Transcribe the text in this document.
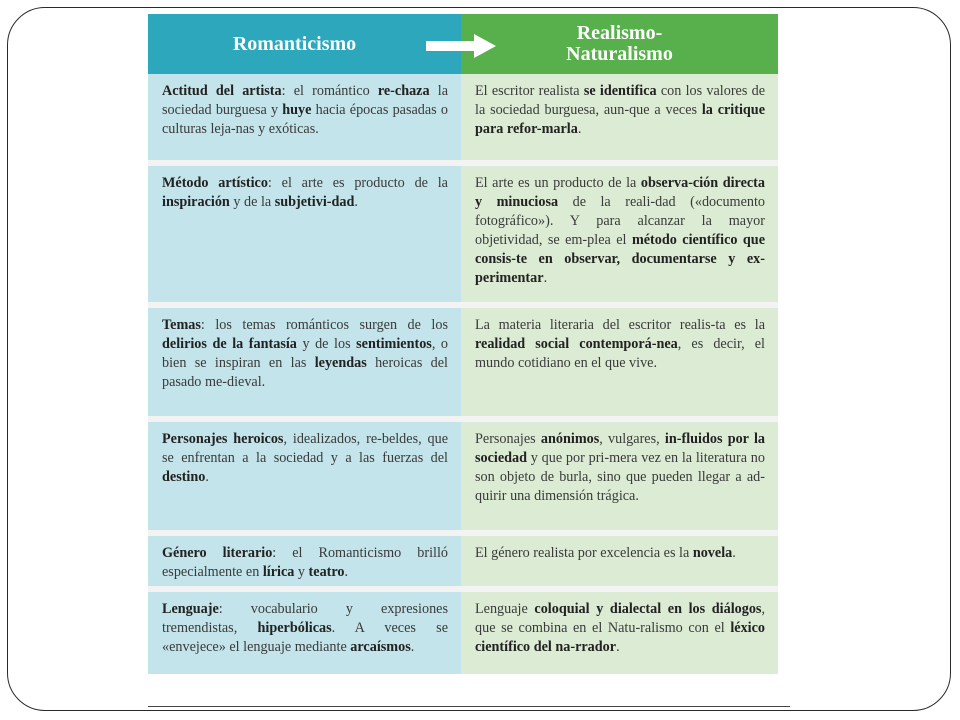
Romanticismo	Realismo-
Naturalismo
Actitud del artista: el romántico re-chaza la sociedad burguesa y huye hacia épocas pasadas o culturas leja-nas y exóticas.
El escritor realista se identifica con los valores de la sociedad burguesa, aun-que a veces la critique para refor-marla.
Método artístico: el arte es producto de la inspiración y de la subjetivi-dad.
El arte es un producto de la observa-ción directa y minuciosa de la reali-dad («documento fotográfico»). Y para alcanzar la mayor objetividad, se em-plea el método científico que consis-te en observar, documentarse y ex-perimentar.
Temas: los temas románticos surgen de los delirios de la fantasía y de los sentimientos, o bien se inspiran en las leyendas heroicas del pasado me-dieval.
La materia literaria del escritor realis-ta es la realidad social contemporá-nea, es decir, el mundo cotidiano en el que vive.
Personajes heroicos, idealizados, re-beldes, que se enfrentan a la sociedad y a las fuerzas del destino.
Personajes anónimos, vulgares, in-fluidos por la sociedad y que por pri-mera vez en la literatura no son objeto de burla, sino que pueden llegar a ad-quirir una dimensión trágica.
Género literario: el Romanticismo brilló especialmente en lírica y teatro.
El género realista por excelencia es la novela.
Lenguaje: vocabulario y expresiones tremendistas, hiperbólicas. A veces se «envejece» el lenguaje mediante arcaísmos.
Lenguaje coloquial y dialectal en los diálogos, que se combina en el Natu-ralismo con el léxico científico del na-rrador.
